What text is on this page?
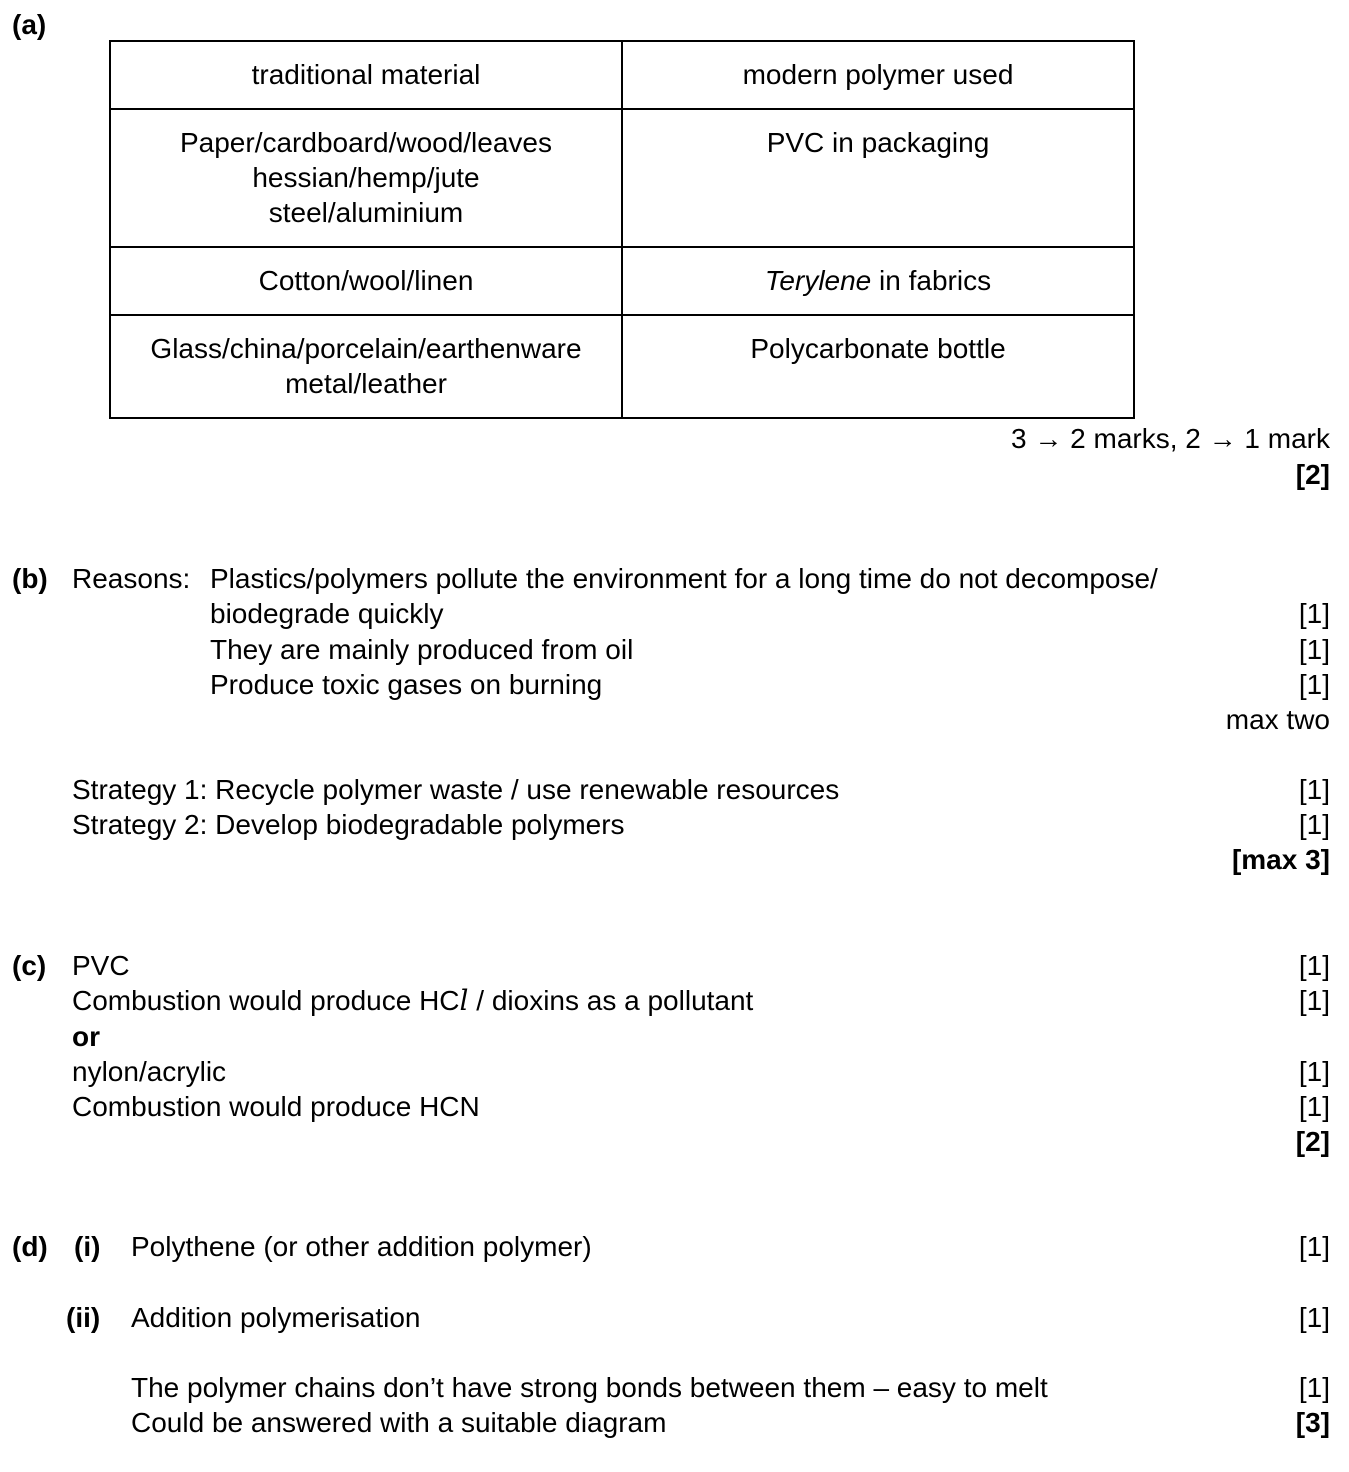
(a)
traditional material	modern polymer used

Paper/cardboard/wood/leaves
hessian/hemp/jute
steel/aluminium	PVC in packaging

Cotton/wool/linen	Terylene in fabrics

Glass/china/porcelain/earthenware
metal/leather	Polycarbonate bottle
3 → 2 marks, 2 → 1 mark
[2]
(b) Reasons: Plastics/polymers pollute the environment for a long time do not decompose/
biodegrade quickly	[1]
They are mainly produced from oil	[1]
Produce toxic gases on burning	[1]
max two
Strategy 1: Recycle polymer waste / use renewable resources	[1]
Strategy 2: Develop biodegradable polymers	[1]
[max 3]
(c) PVC	[1]
Combustion would produce HCl / dioxins as a pollutant	[1]
or
nylon/acrylic	[1]
Combustion would produce HCN	[1]
[2]
(d) (i) Polythene (or other addition polymer)	[1]
(ii) Addition polymerisation	[1]
The polymer chains don’t have strong bonds between them – easy to melt	[1]
Could be answered with a suitable diagram	[3]
